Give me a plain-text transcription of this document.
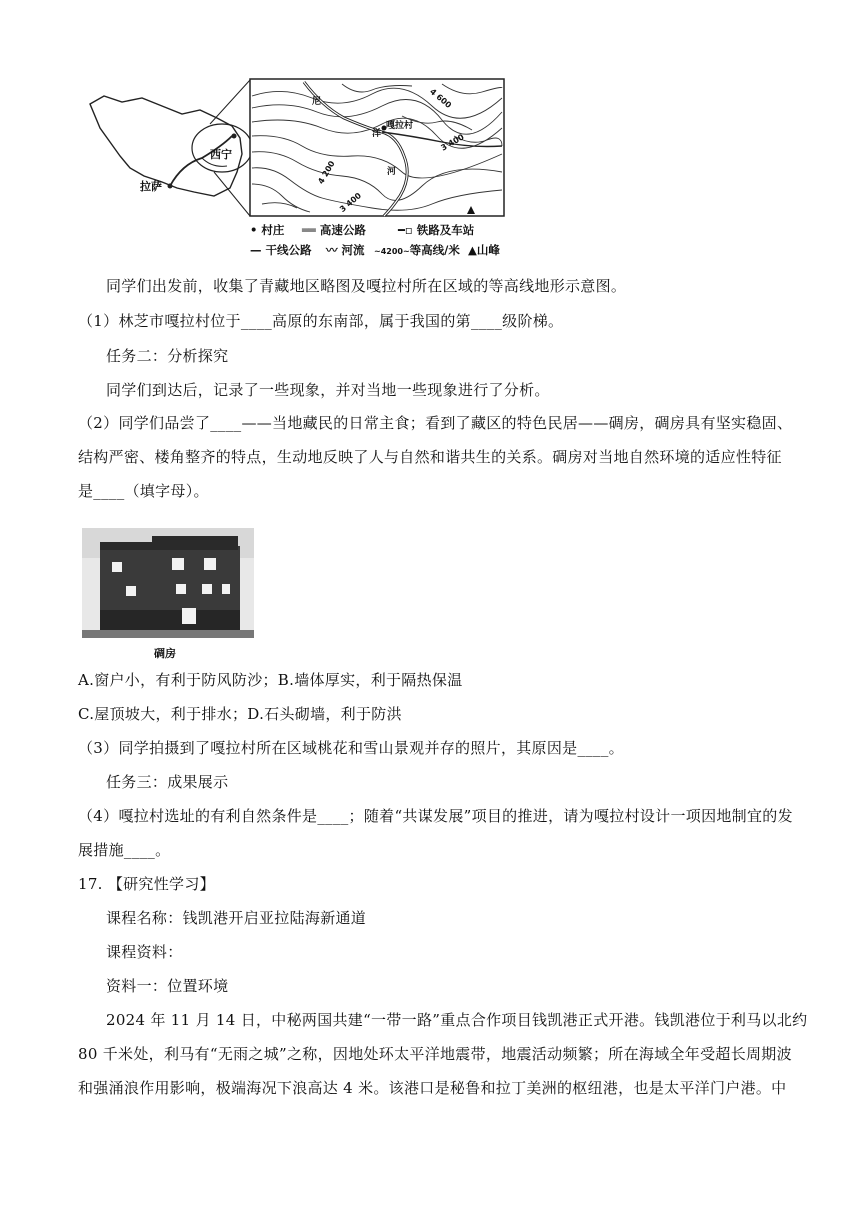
拉萨
西宁
嘎拉村
尼
洋
河
4 600
3 400
4 200
3 400
• 村庄 ══ 高速公路	━▫ 铁路及车站
— 干线公路 〰 河流 ~4200~等高线/米 ▲山峰
同学们出发前，收集了青藏地区略图及嘎拉村所在区域的等高线地形示意图。
（1）林芝市嘎拉村位于____高原的东南部，属于我国的第____级阶梯。
任务二：分析探究
同学们到达后，记录了一些现象，并对当地一些现象进行了分析。
（2）同学们品尝了____——当地藏民的日常主食；看到了藏区的特色民居——碉房，碉房具有坚实稳固、
结构严密、楼角整齐的特点，生动地反映了人与自然和谐共生的关系。碉房对当地自然环境的适应性特征
是____（填字母）。
碉房
A.窗户小，有利于防风防沙；B.墙体厚实，利于隔热保温
C.屋顶坡大，利于排水；D.石头砌墙，利于防洪
（3）同学拍摄到了嘎拉村所在区域桃花和雪山景观并存的照片，其原因是____。
任务三：成果展示
（4）嘎拉村选址的有利自然条件是____；随着“共谋发展”项目的推进，请为嘎拉村设计一项因地制宜的发
展措施____。
17. 【研究性学习】
课程名称：钱凯港开启亚拉陆海新通道
课程资料：
资料一：位置环境
2024 年 11 月 14 日，中秘两国共建“一带一路”重点合作项目钱凯港正式开港。钱凯港位于利马以北约
80 千米处，利马有“无雨之城”之称，因地处环太平洋地震带，地震活动频繁；所在海域全年受超长周期波
和强涌浪作用影响，极端海况下浪高达 4 米。该港口是秘鲁和拉丁美洲的枢纽港，也是太平洋门户港。中
